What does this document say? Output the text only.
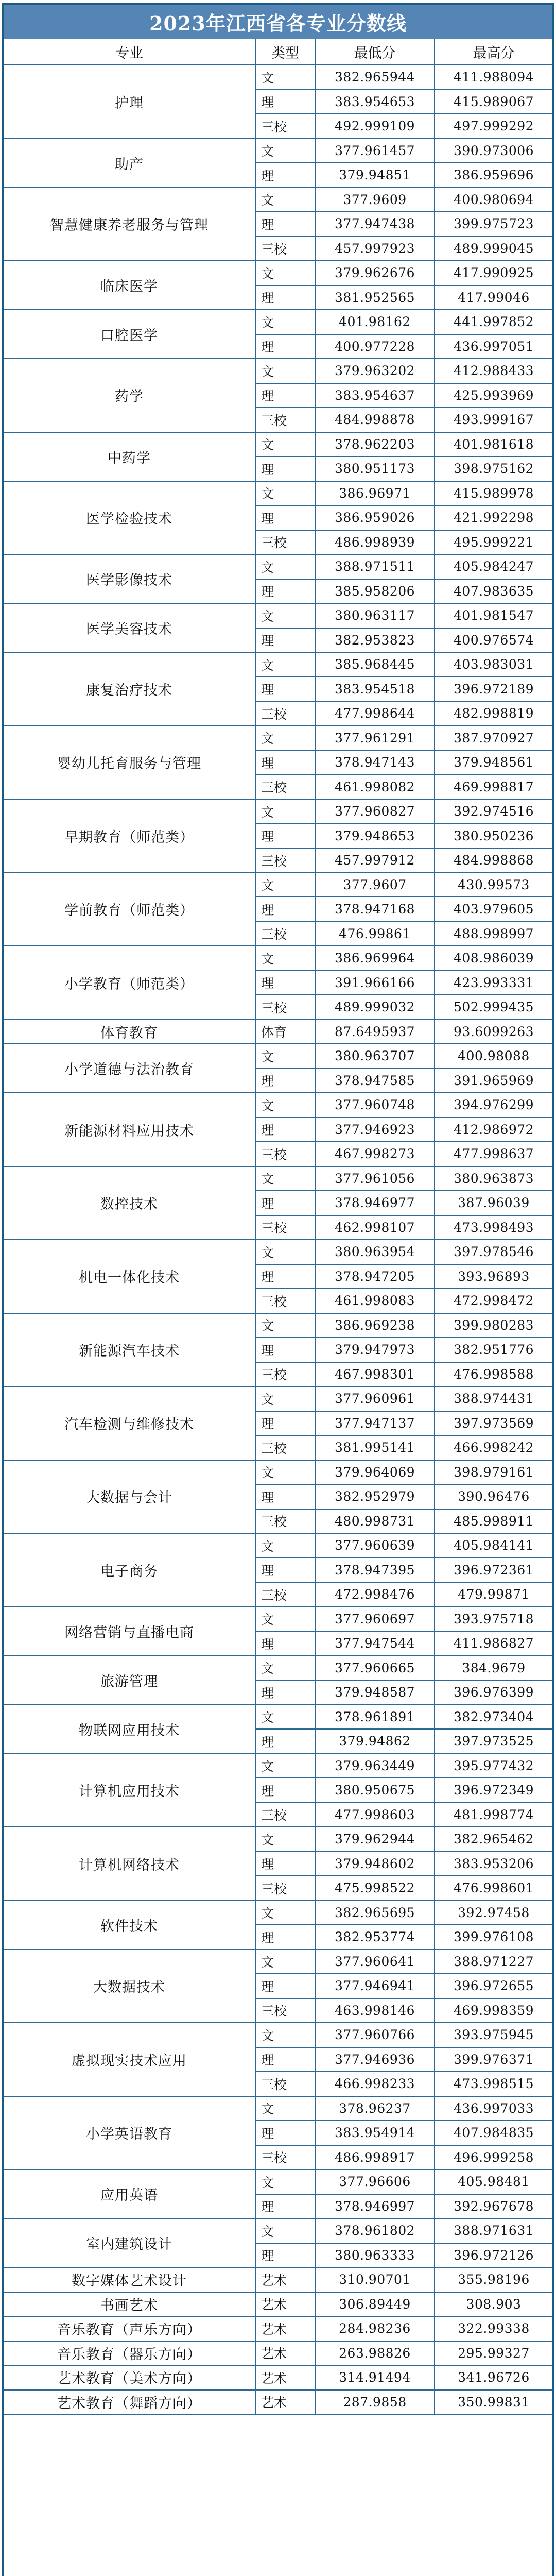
2023年江西省各专业分数线
专业	类型	最低分	最高分
护理
文	382.965944	411.988094
理	383.954653	415.989067
三校	492.999109	497.999292
助产
文	377.961457	390.973006
理	379.94851	386.959696
智慧健康养老服务与管理
文	377.9609	400.980694
理	377.947438	399.975723
三校	457.997923	489.999045
临床医学
文	379.962676	417.990925
理	381.952565	417.99046
口腔医学
文	401.98162	441.997852
理	400.977228	436.997051
药学
文	379.963202	412.988433
理	383.954637	425.993969
三校	484.998878	493.999167
中药学
文	378.962203	401.981618
理	380.951173	398.975162
医学检验技术
文	386.96971	415.989978
理	386.959026	421.992298
三校	486.998939	495.999221
医学影像技术
文	388.971511	405.984247
理	385.958206	407.983635
医学美容技术
文	380.963117	401.981547
理	382.953823	400.976574
康复治疗技术
文	385.968445	403.983031
理	383.954518	396.972189
三校	477.998644	482.998819
婴幼儿托育服务与管理
文	377.961291	387.970927
理	378.947143	379.948561
三校	461.998082	469.998817
早期教育（师范类）
文	377.960827	392.974516
理	379.948653	380.950236
三校	457.997912	484.998868
学前教育（师范类）
文	377.9607	430.99573
理	378.947168	403.979605
三校	476.99861	488.998997
小学教育（师范类）
文	386.969964	408.986039
理	391.966166	423.993331
三校	489.999032	502.999435
体育教育	体育	87.6495937	93.6099263
小学道德与法治教育
文	380.963707	400.98088
理	378.947585	391.965969
新能源材料应用技术
文	377.960748	394.976299
理	377.946923	412.986972
三校	467.998273	477.998637
数控技术
文	377.961056	380.963873
理	378.946977	387.96039
三校	462.998107	473.998493
机电一体化技术
文	380.963954	397.978546
理	378.947205	393.96893
三校	461.998083	472.998472
新能源汽车技术
文	386.969238	399.980283
理	379.947973	382.951776
三校	467.998301	476.998588
汽车检测与维修技术
文	377.960961	388.974431
理	377.947137	397.973569
三校	381.995141	466.998242
大数据与会计
文	379.964069	398.979161
理	382.952979	390.96476
三校	480.998731	485.998911
电子商务
文	377.960639	405.984141
理	378.947395	396.972361
三校	472.998476	479.99871
网络营销与直播电商
文	377.960697	393.975718
理	377.947544	411.986827
旅游管理
文	377.960665	384.9679
理	379.948587	396.976399
物联网应用技术
文	378.961891	382.973404
理	379.94862	397.973525
计算机应用技术
文	379.963449	395.977432
理	380.950675	396.972349
三校	477.998603	481.998774
计算机网络技术
文	379.962944	382.965462
理	379.948602	383.953206
三校	475.998522	476.998601
软件技术
文	382.965695	392.97458
理	382.953774	399.976108
大数据技术
文	377.960641	388.971227
理	377.946941	396.972655
三校	463.998146	469.998359
虚拟现实技术应用
文	377.960766	393.975945
理	377.946936	399.976371
三校	466.998233	473.998515
小学英语教育
文	378.96237	436.997033
理	383.954914	407.984835
三校	486.998917	496.999258
应用英语
文	377.96606	405.98481
理	378.946997	392.967678
室内建筑设计
文	378.961802	388.971631
理	380.963333	396.972126
数字媒体艺术设计	艺术	310.90701	355.98196
书画艺术	艺术	306.89449	308.903
音乐教育（声乐方向）	艺术	284.98236	322.99338
音乐教育（器乐方向）	艺术	263.98826	295.99327
艺术教育（美术方向）	艺术	314.91494	341.96726
艺术教育（舞蹈方向）	艺术	287.9858	350.99831
